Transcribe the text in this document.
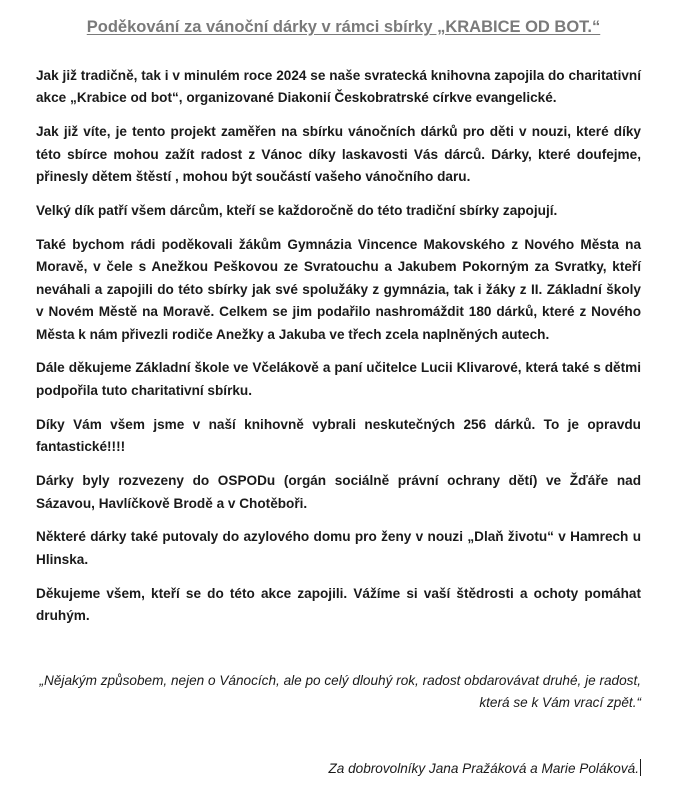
Poděkování za vánoční dárky v rámci sbírky „KRABICE OD BOT.“

Jak již tradičně, tak i v minulém roce 2024 se naše svratecká knihovna zapojila do charitativní akce „Krabice od bot“, organizované Diakonií Českobratrské církve evangelické.

Jak již víte, je tento projekt zaměřen na sbírku vánočních dárků pro děti v nouzi, které díky této sbírce mohou zažít radost z Vánoc díky laskavosti Vás dárců. Dárky, které doufejme, přinesly dětem štěstí , mohou být součástí vašeho vánočního daru.

Velký dík patří všem dárcům, kteří se každoročně do této tradiční sbírky zapojují.

Také bychom rádi poděkovali žákům Gymnázia Vincence Makovského z Nového Města na Moravě, v čele s Anežkou Peškovou ze Svratouchu a Jakubem Pokorným za Svratky, kteří neváhali a zapojili do této sbírky jak své spolužáky z gymnázia, tak i žáky z II. Základní školy v Novém Městě na Moravě. Celkem se jim podařilo nashromáždit 180 dárků, které z Nového Města k nám přivezli rodiče Anežky a Jakuba ve třech zcela naplněných autech.

Dále děkujeme Základní škole ve Včelákově a paní učitelce Lucii Klivarové, která také s dětmi podpořila tuto charitativní sbírku.

Díky Vám všem jsme v naší knihovně vybrali neskutečných 256 dárků. To je opravdu fantastické!!!!

Dárky byly rozvezeny do OSPODu (orgán sociálně právní ochrany dětí) ve Žďáře nad Sázavou, Havlíčkově Brodě a v Chotěboři.

Některé dárky také putovaly do azylového domu pro ženy v nouzi „Dlaň životu“ v Hamrech u Hlinska.

Děkujeme všem, kteří se do této akce zapojili. Vážíme si vaší štědrosti a ochoty pomáhat druhým.

„Nějakým způsobem, nejen o Vánocích, ale po celý dlouhý rok, radost obdarovávat druhé, je radost, která se k Vám vrací zpět.“
Za dobrovolníky Jana Pražáková a Marie Poláková.
